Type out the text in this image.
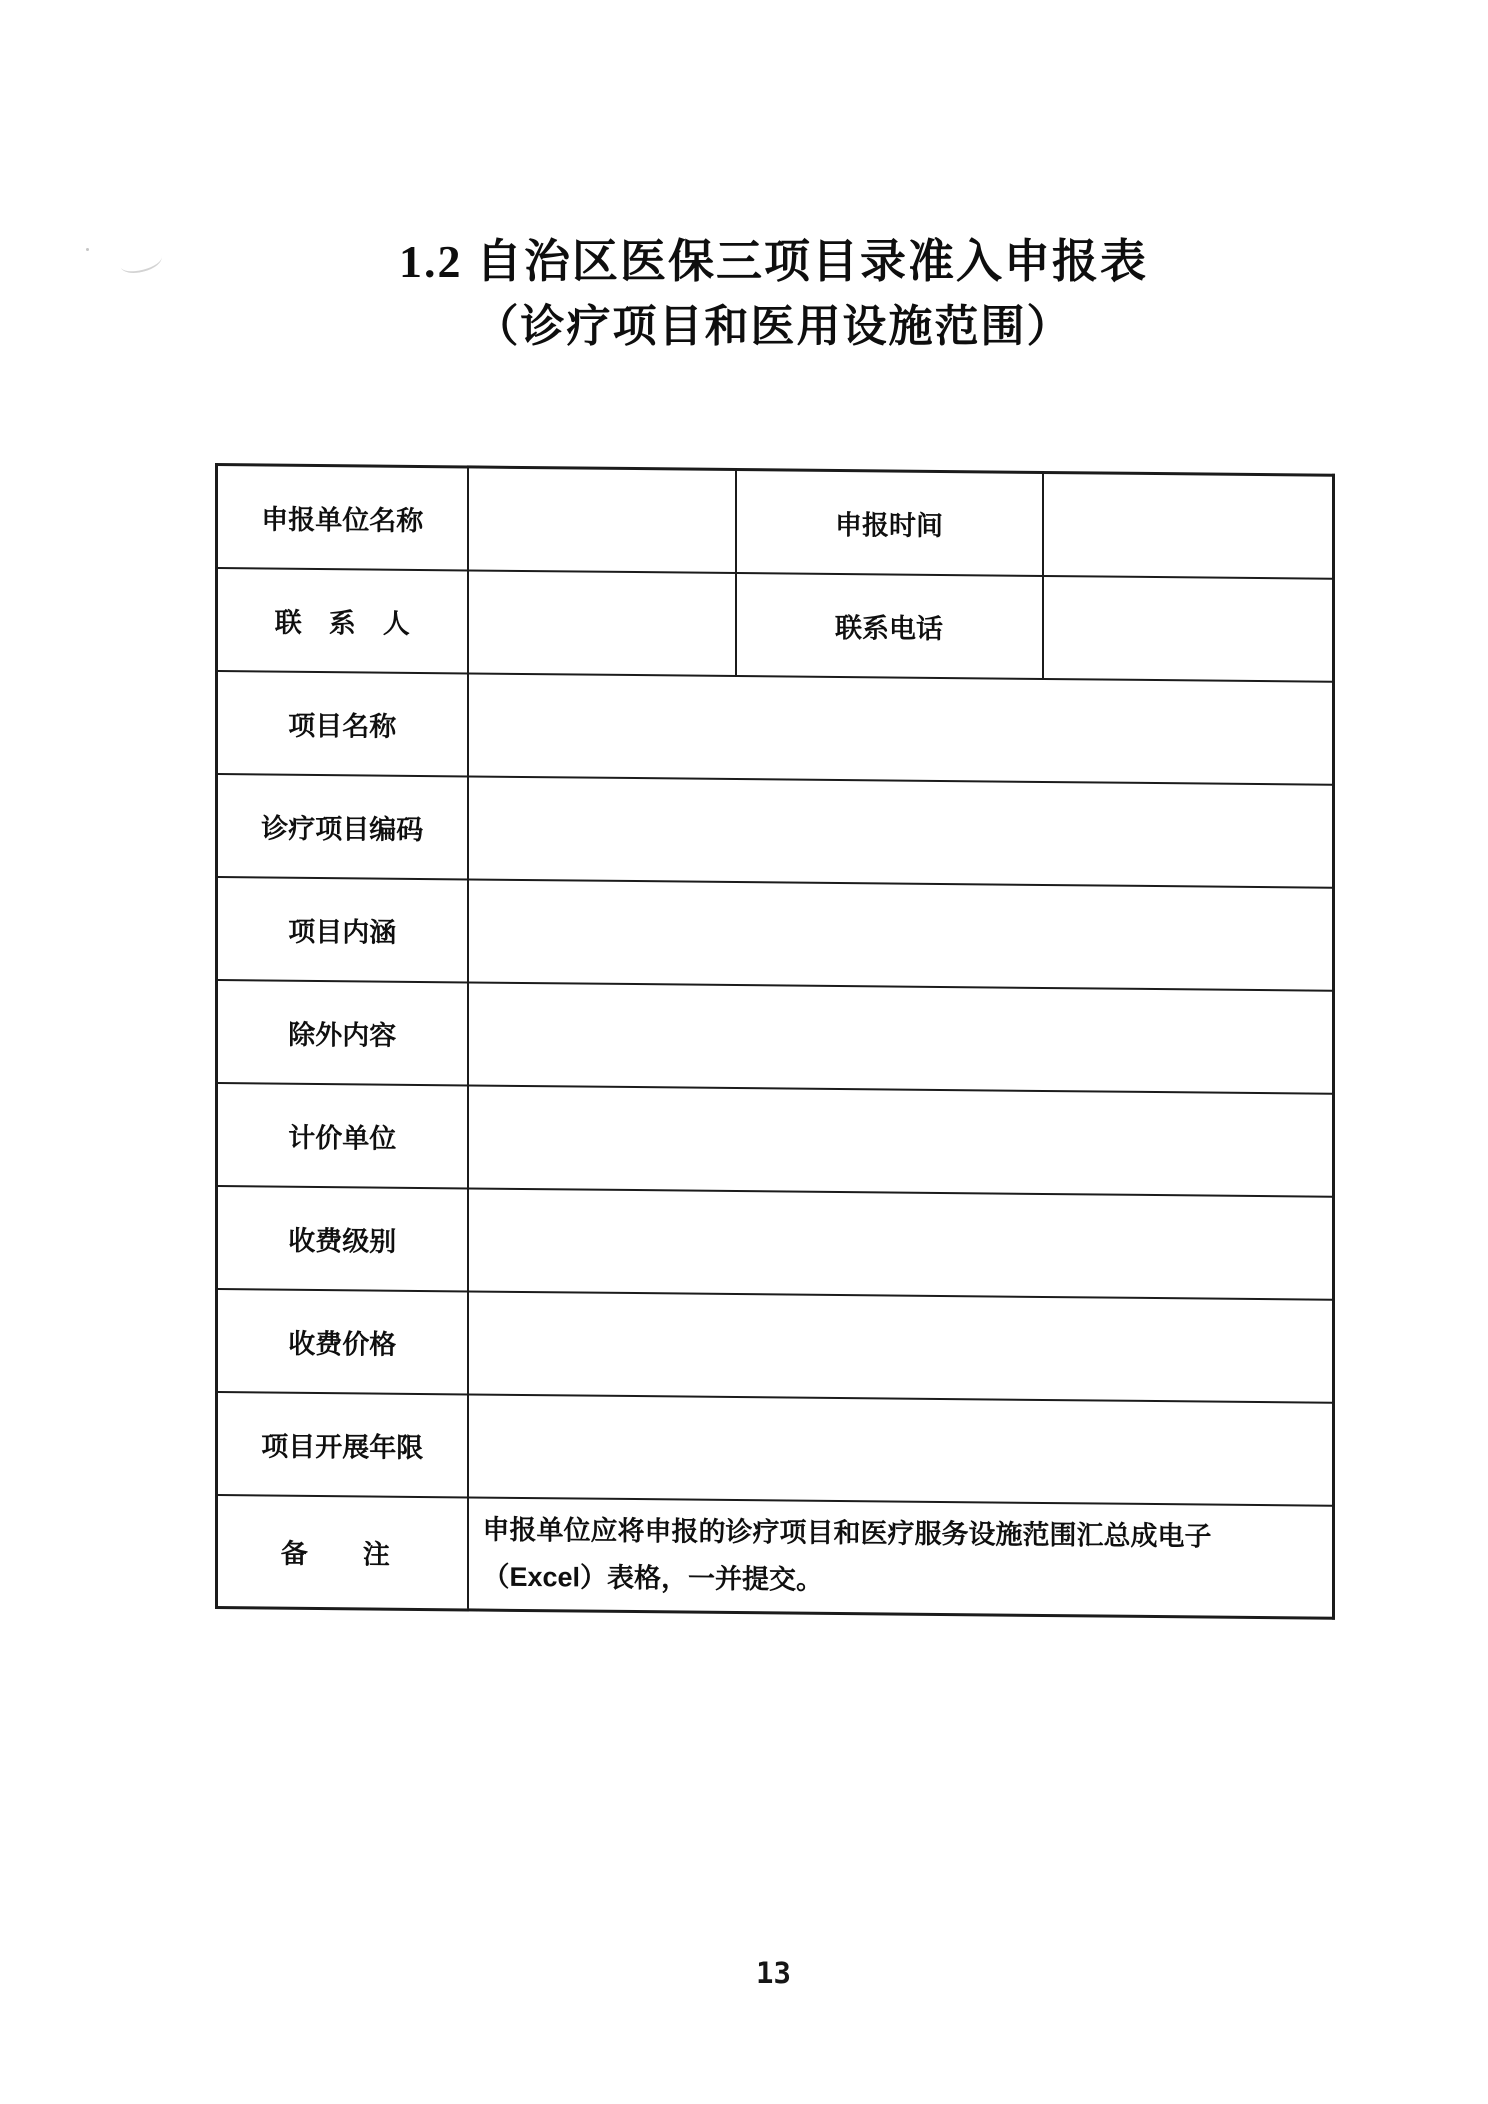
1.2 自治区医保三项目录准入申报表
（诊疗项目和医用设施范围）
申报单位名称		申报时间	
联　系　人		联系电话	
项目名称			
诊疗项目编码			
项目内涵			
除外内容			
计价单位			
收费级别			
收费价格			
项目开展年限			
备　注	申报单位应将申报的诊疗项目和医疗服务设施范围汇总成电子（Excel）表格，一并提交。		
13
